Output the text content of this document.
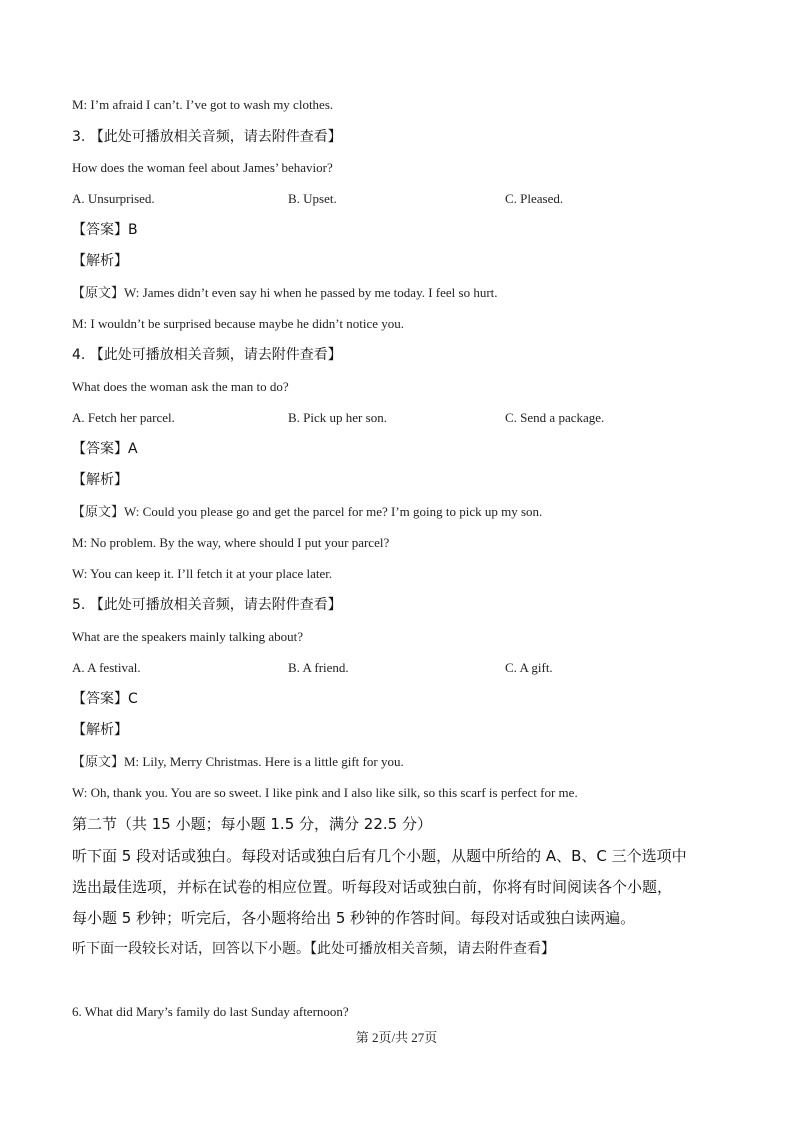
M: I’m afraid I can’t. I’ve got to wash my clothes.
3. 【此处可播放相关音频，请去附件查看】
How does the woman feel about James’ behavior?
A. Unsurprised.	B. Upset.	C. Pleased.
【答案】B
【解析】
【原文】W: James didn’t even say hi when he passed by me today. I feel so hurt.
M: I wouldn’t be surprised because maybe he didn’t notice you.
4. 【此处可播放相关音频，请去附件查看】
What does the woman ask the man to do?
A. Fetch her parcel.	B. Pick up her son.	C. Send a package.
【答案】A
【解析】
【原文】W: Could you please go and get the parcel for me? I’m going to pick up my son.
M: No problem. By the way, where should I put your parcel?
W: You can keep it. I’ll fetch it at your place later.
5. 【此处可播放相关音频，请去附件查看】
What are the speakers mainly talking about?
A. A festival.	B. A friend.	C. A gift.
【答案】C
【解析】
【原文】M: Lily, Merry Christmas. Here is a little gift for you.
W: Oh, thank you. You are so sweet. I like pink and I also like silk, so this scarf is perfect for me.
第二节（共 15 小题；每小题 1.5 分，满分 22.5 分）
听下面 5 段对话或独白。每段对话或独白后有几个小题，从题中所给的 A、B、C 三个选项中
选出最佳选项，并标在试卷的相应位置。听每段对话或独白前，你将有时间阅读各个小题，
每小题 5 秒钟；听完后，各小题将给出 5 秒钟的作答时间。每段对话或独白读两遍。
听下面一段较长对话，回答以下小题。【此处可播放相关音频，请去附件查看】
6. What did Mary’s family do last Sunday afternoon?
第 2页/共 27页
